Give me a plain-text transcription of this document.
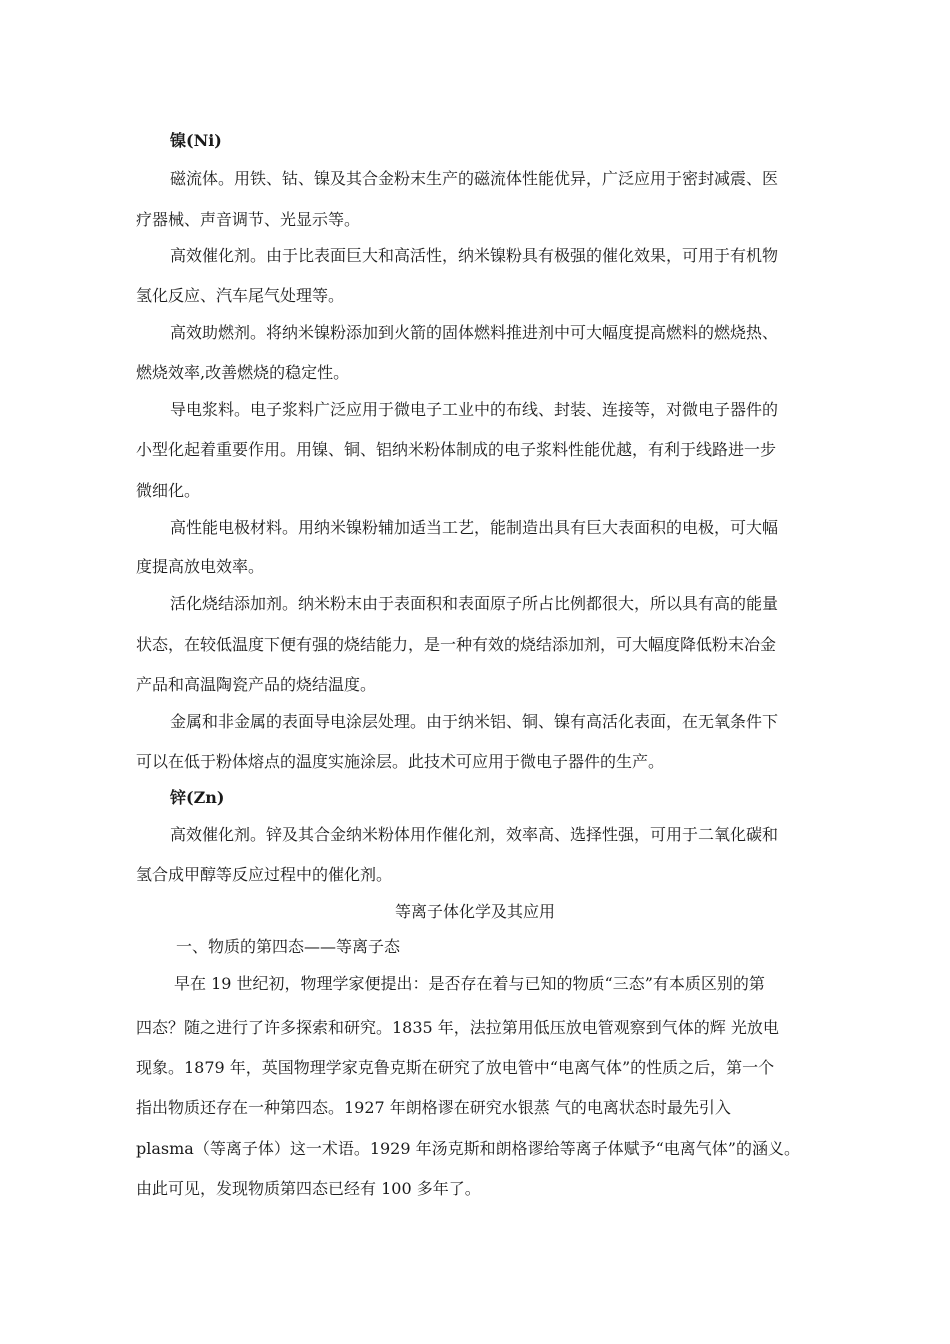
镍(Ni)
磁流体。用铁、钴、镍及其合金粉末生产的磁流体性能优异，广泛应用于密封减震、医
疗器械、声音调节、光显示等。
高效催化剂。由于比表面巨大和高活性，纳米镍粉具有极强的催化效果，可用于有机物
氢化反应、汽车尾气处理等。
高效助燃剂。将纳米镍粉添加到火箭的固体燃料推进剂中可大幅度提高燃料的燃烧热、
燃烧效率,改善燃烧的稳定性。
导电浆料。电子浆料广泛应用于微电子工业中的布线、封装、连接等，对微电子器件的
小型化起着重要作用。用镍、铜、铝纳米粉体制成的电子浆料性能优越，有利于线路进一步
微细化。
高性能电极材料。用纳米镍粉辅加适当工艺，能制造出具有巨大表面积的电极，可大幅
度提高放电效率。
活化烧结添加剂。纳米粉末由于表面积和表面原子所占比例都很大，所以具有高的能量
状态，在较低温度下便有强的烧结能力，是一种有效的烧结添加剂，可大幅度降低粉末冶金
产品和高温陶瓷产品的烧结温度。
金属和非金属的表面导电涂层处理。由于纳米铝、铜、镍有高活化表面，在无氧条件下
可以在低于粉体熔点的温度实施涂层。此技术可应用于微电子器件的生产。
锌(Zn)
高效催化剂。锌及其合金纳米粉体用作催化剂，效率高、选择性强，可用于二氧化碳和
氢合成甲醇等反应过程中的催化剂。
等离子体化学及其应用
一、物质的第四态——等离子态
早在 19 世纪初，物理学家便提出：是否存在着与已知的物质“三态”有本质区别的第
四态？随之进行了许多探索和研究。1835 年，法拉第用低压放电管观察到气体的辉 光放电
现象。1879 年，英国物理学家克鲁克斯在研究了放电管中“电离气体”的性质之后，第一个
指出物质还存在一种第四态。1927 年朗格谬在研究水银蒸 气的电离状态时最先引入
plasma（等离子体）这一术语。1929 年汤克斯和朗格谬给等离子体赋予“电离气体”的涵义。
由此可见，发现物质第四态已经有 100 多年了。
